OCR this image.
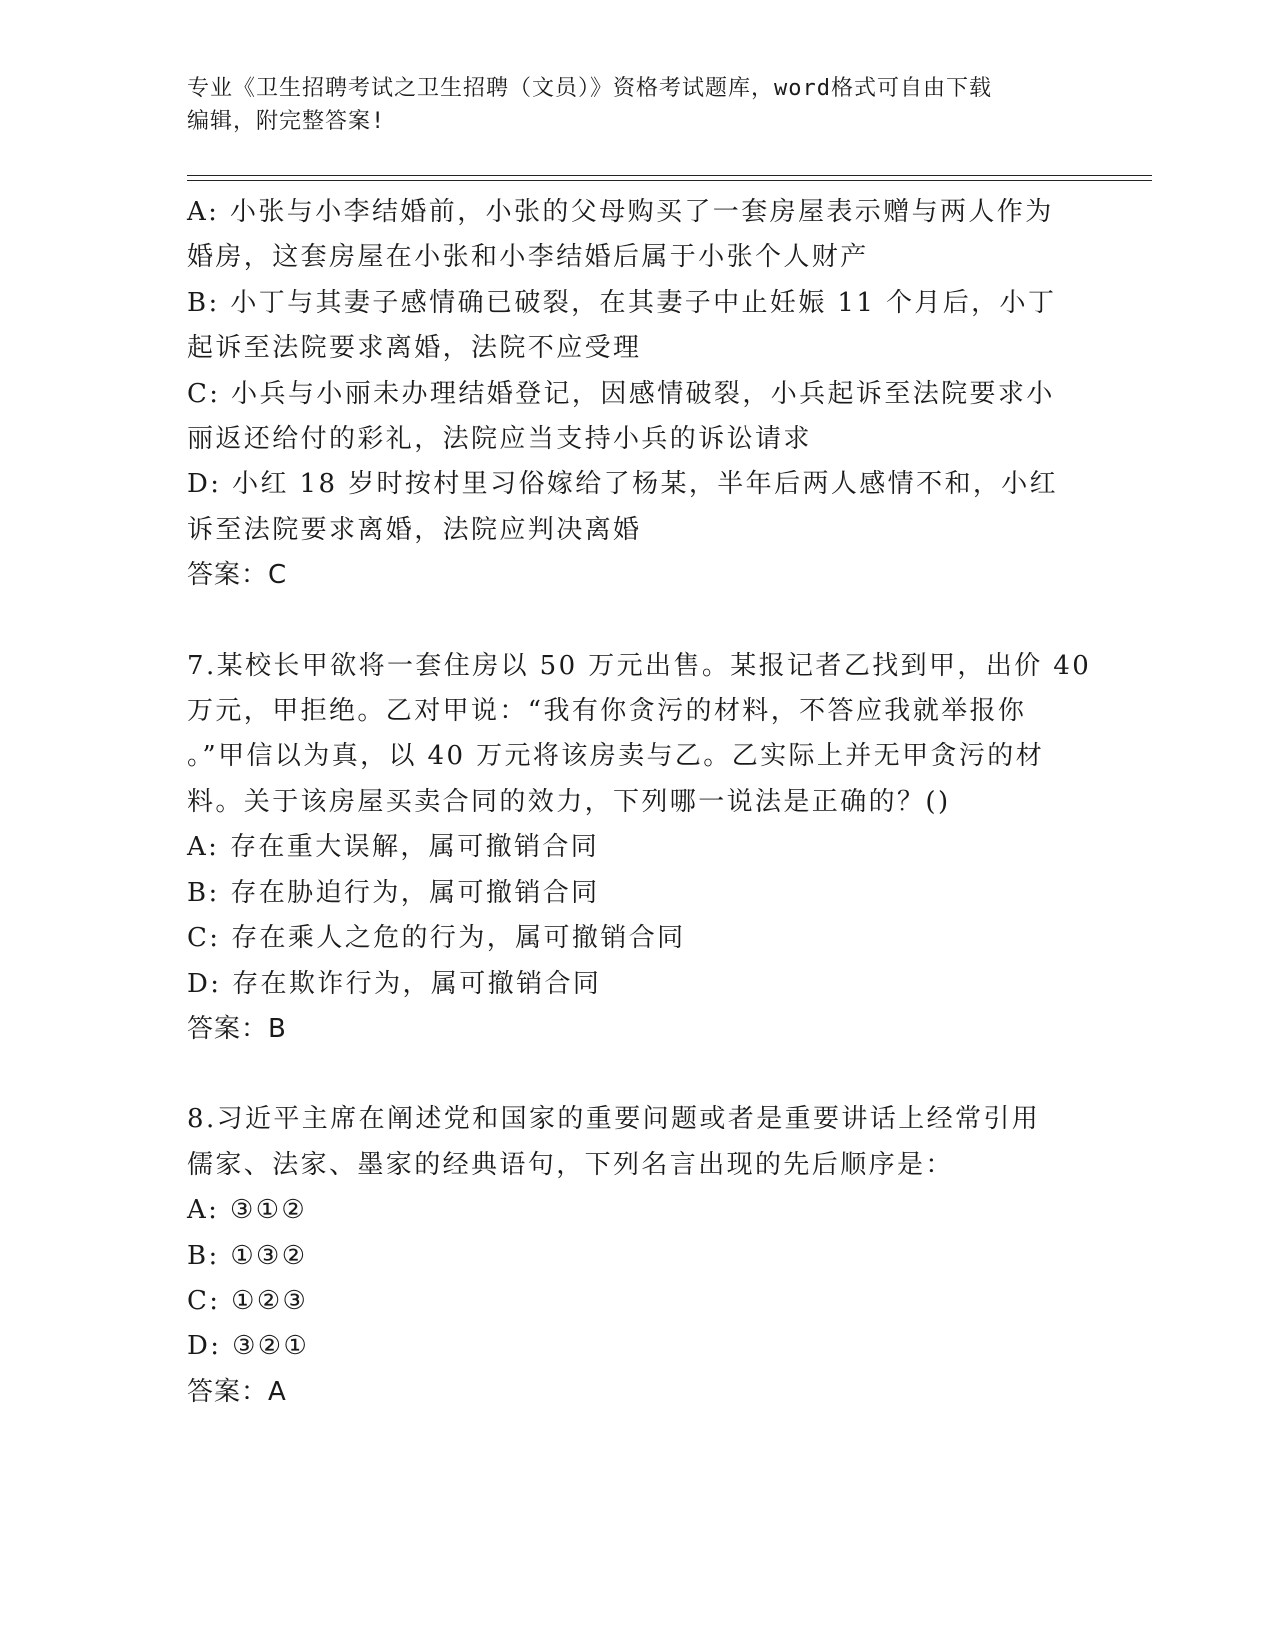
专业《卫生招聘考试之卫生招聘（文员）》资格考试题库，word格式可自由下载
编辑，附完整答案!
A: 小张与小李结婚前，小张的父母购买了一套房屋表示赠与两人作为
婚房，这套房屋在小张和小李结婚后属于小张个人财产
B: 小丁与其妻子感情确已破裂，在其妻子中止妊娠 11 个月后，小丁
起诉至法院要求离婚，法院不应受理
C: 小兵与小丽未办理结婚登记，因感情破裂，小兵起诉至法院要求小
丽返还给付的彩礼，法院应当支持小兵的诉讼请求
D: 小红 18 岁时按村里习俗嫁给了杨某，半年后两人感情不和，小红
诉至法院要求离婚，法院应判决离婚
答案：C
7.某校长甲欲将一套住房以 50 万元出售。某报记者乙找到甲，出价 40
万元，甲拒绝。乙对甲说：“我有你贪污的材料，不答应我就举报你
。”甲信以为真，以 40 万元将该房卖与乙。乙实际上并无甲贪污的材
料。关于该房屋买卖合同的效力，下列哪一说法是正确的？()
A: 存在重大误解，属可撤销合同
B: 存在胁迫行为，属可撤销合同
C: 存在乘人之危的行为，属可撤销合同
D: 存在欺诈行为，属可撤销合同
答案：B
8.习近平主席在阐述党和国家的重要问题或者是重要讲话上经常引用
儒家、法家、墨家的经典语句，下列名言出现的先后顺序是：
A: ③①②
B: ①③②
C: ①②③
D: ③②①
答案：A
